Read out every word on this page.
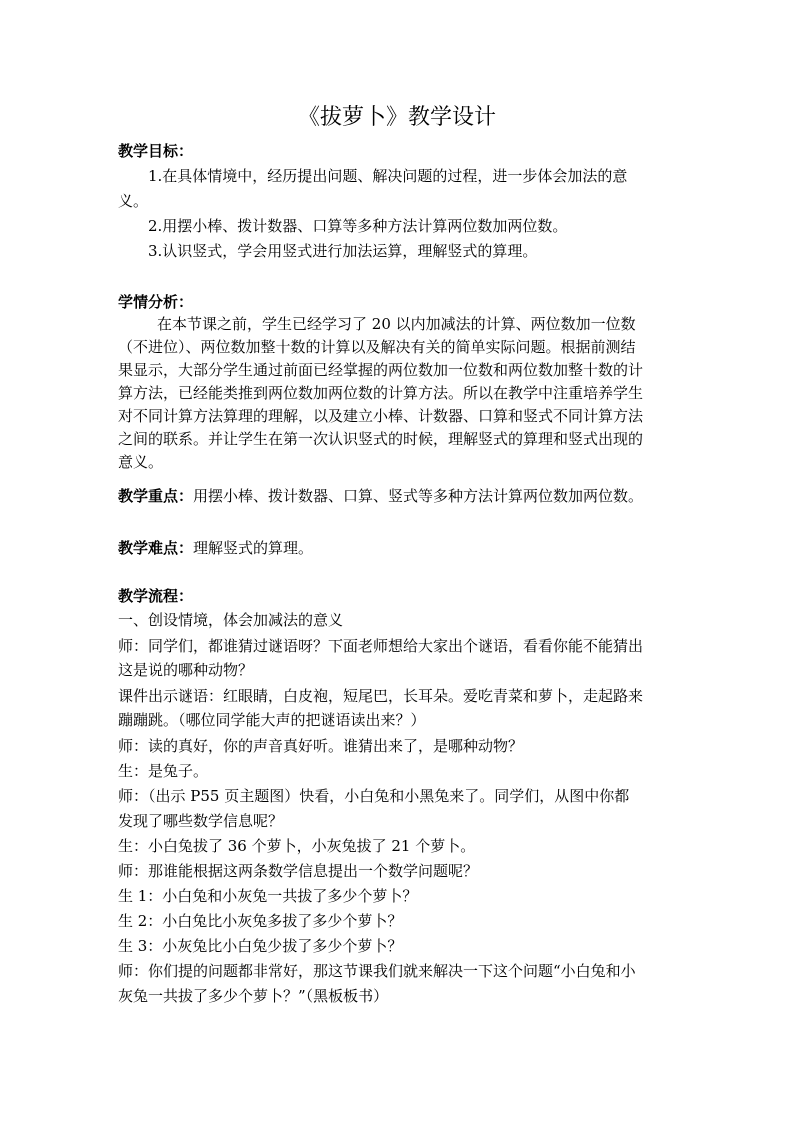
《拔萝卜》教学设计
教学目标：
1.在具体情境中，经历提出问题、解决问题的过程，进一步体会加法的意
义。
2.用摆小棒、拨计数器、口算等多种方法计算两位数加两位数。
3.认识竖式，学会用竖式进行加法运算，理解竖式的算理。
学情分析：
在本节课之前，学生已经学习了 20 以内加减法的计算、两位数加一位数
（不进位）、两位数加整十数的计算以及解决有关的简单实际问题。根据前测结
果显示，大部分学生通过前面已经掌握的两位数加一位数和两位数加整十数的计
算方法，已经能类推到两位数加两位数的计算方法。所以在教学中注重培养学生
对不同计算方法算理的理解，以及建立小棒、计数器、口算和竖式不同计算方法
之间的联系。并让学生在第一次认识竖式的时候，理解竖式的算理和竖式出现的
意义。
教学重点：用摆小棒、拨计数器、口算、竖式等多种方法计算两位数加两位数。
教学难点：理解竖式的算理。
教学流程：
一、创设情境，体会加减法的意义
师：同学们，都谁猜过谜语呀？下面老师想给大家出个谜语，看看你能不能猜出
这是说的哪种动物？
课件出示谜语：红眼睛，白皮袍，短尾巴，长耳朵。爱吃青菜和萝卜，走起路来
蹦蹦跳。（哪位同学能大声的把谜语读出来？）
师：读的真好，你的声音真好听。谁猜出来了，是哪种动物？
生：是兔子。
师：（出示 P55 页主题图）快看，小白兔和小黑兔来了。同学们，从图中你都
发现了哪些数学信息呢？
生：小白兔拔了 36 个萝卜，小灰兔拔了 21 个萝卜。
师：那谁能根据这两条数学信息提出一个数学问题呢？
生 1：小白兔和小灰兔一共拔了多少个萝卜？
生 2：小白兔比小灰兔多拔了多少个萝卜？
生 3：小灰兔比小白兔少拔了多少个萝卜？
师：你们提的问题都非常好，那这节课我们就来解决一下这个问题“小白兔和小
灰兔一共拔了多少个萝卜？”（黑板板书）
